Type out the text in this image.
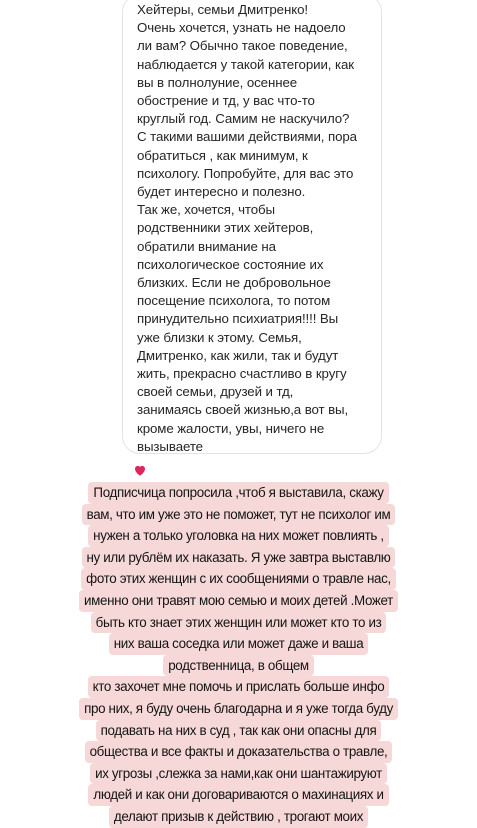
Хейтеры, семьи Дмитренко!
Очень хочется, узнать не надоело
ли вам? Обычно такое поведение,
наблюдается у такой категории, как
вы в полнолуние, осеннее
обострение и тд, у вас что-то
круглый год. Самим не наскучило?
С такими вашими действиями, пора
обратиться , как минимум, к
психологу. Попробуйте, для вас это
будет интересно и полезно.
Так же, хочется, чтобы
родственники этих хейтеров,
обратили внимание на
психологическое состояние их
близких. Если не добровольное
посещение психолога, то потом
принудительно психиатрия!!!! Вы
уже близки к этому. Семья,
Дмитренко, как жили, так и будут
жить, прекрасно счастливо в кругу
своей семьи, друзей и тд,
занимаясь своей жизнью,а вот вы,
кроме жалости, увы, ничего не
вызываете
Подписчица попросила ,чтоб я выставила, скажу
вам, что им уже это не поможет, тут не психолог им
нужен а только уголовка на них может повлиять ,
ну или рублём их наказать. Я уже завтра выставлю
фото этих женщин с их сообщениями о травле нас,
именно они травят мою семью и моих детей .Может
быть кто знает этих женщин или может кто то из
них ваша соседка или может даже и ваша
родственница, в общем
кто захочет мне помочь и прислать больше инфо
про них, я буду очень благодарна и я уже тогда буду
подавать на них в суд , так как они опасны для
общества и все факты и доказательства о травле,
их угрозы ,слежка за нами,как они шантажируют
людей и как они договариваются о махинациях и
делают призыв к действию , трогают моих
